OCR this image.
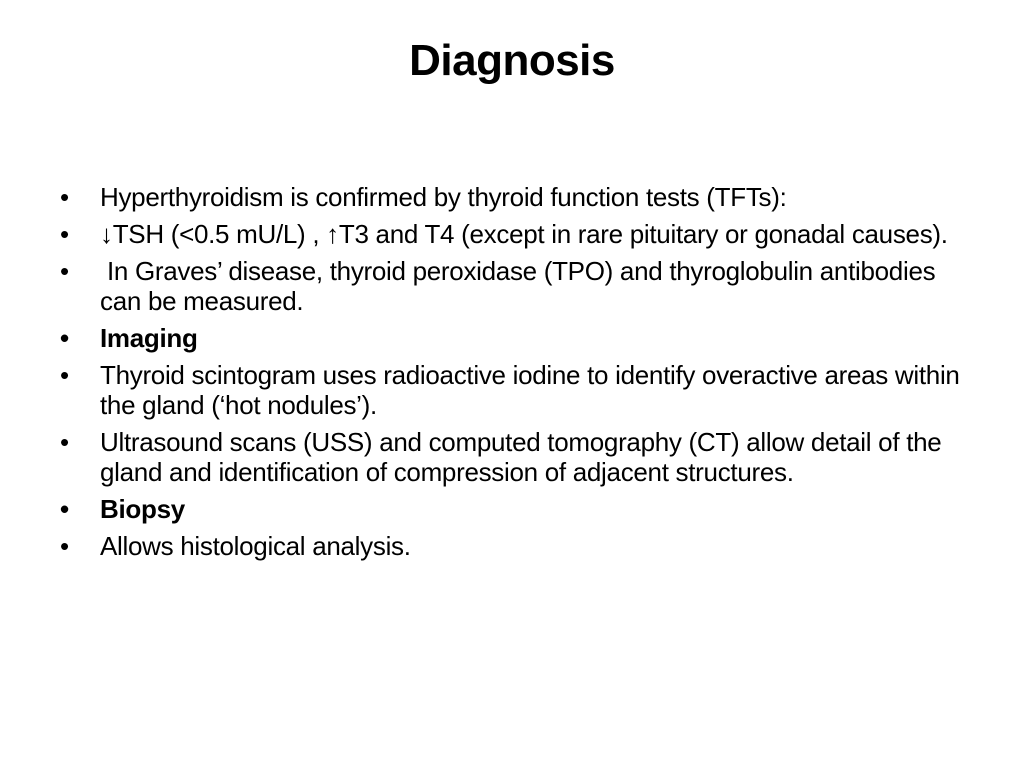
Diagnosis
• Hyperthyroidism is confirmed by thyroid function tests (TFTs):
• ↓TSH (<0.5 mU/L) , ↑T3 and T4 (except in rare pituitary or gonadal causes).
•  In Graves’ disease, thyroid peroxidase (TPO) and thyroglobulin antibodies can be measured.
• Imaging
• Thyroid scintogram uses radioactive iodine to identify overactive areas within the gland (‘hot nodules’).
• Ultrasound scans (USS) and computed tomography (CT) allow detail of the gland and identification of compression of adjacent structures.
• Biopsy
• Allows histological analysis.
